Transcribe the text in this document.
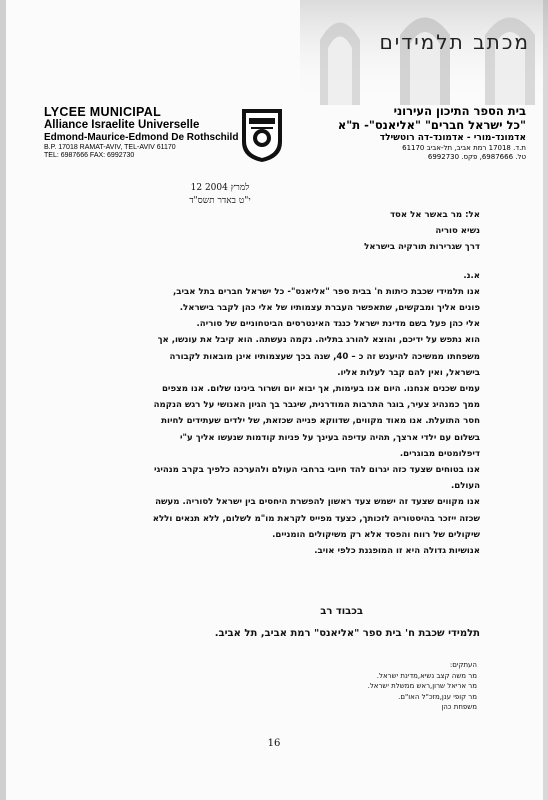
מכתב תלמידים
LYCEE MUNICIPAL
Alliance Israelite Universelle
Edmond-Maurice-Edmond De Rothschild
B.P. 17018 RAMAT-AVIV, TEL-AVIV 61170
TEL: 6987666 FAX: 6992730
בית הספר התיכון העירוני
"כל ישראל חברים" "אליאנס"- ת"א
אדמונד-מורי - אדמונד-דה רוטשילד
ת.ד. 17018 רמת אביב, תל-אביב 61170
טל. 6987666, פקס. 6992730
12 למרץ 2004
י"ט באדר תשס"ד
אל: מר באשר אל אסד
נשיא סוריה
דרך שגרירות תורקיה בישראל
א.נ.
אנו תלמידי שכבת כיתות ח' בבית ספר "אליאנס"- כל ישראל חברים בתל אביב,
פונים אליך ומבקשים, שתאפשר העברת עצמותיו של אלי כהן לקבר בישראל.
אלי כהן פעל בשם מדינת ישראל כנגד האינטרסים הביטחוניים של סוריה.
הוא נתפש על ידיכם, והוצא להורג בתליה. נקמה נעשתה. הוא קיבל את עונשו, אך
משפחתו ממשיכה להיענש זה כ – 40, שנה בכך שעצמותיו אינן מובאות לקבורה
בישראל, ואין להם קבר לעלות אליו.
עמים שכנים אנחנו. היום אנו בעימות, אך יבוא יום ושרור בינינו שלום. אנו מצפים
ממך כמנהיג צעיר, בוגר התרבות המודרנית, שיגבר בך הגיון האנושי על רגש הנקמה
חסר התועלת. אנו מאוד מקווים, שדווקא פנייה שכזאת, של ילדים שעתידים לחיות
בשלום עם ילדי ארצך, תהיה עדיפה בעינך על פניות קודמות שנעשו אליך ע"י
דיפלומטים מבוגרים.
אנו בטוחים שצעד כזה יגרום להד חיובי ברחבי העולם ולהערכה כלפיך בקרב מנהיגי
העולם.
אנו מקווים שצעד זה ישמש צעד ראשון להפשרת היחסים בין ישראל לסוריה. מעשה
שכזה ייזכר בהיסטוריה לזכותך, כצעד מפייס לקראת מו"מ לשלום, ללא תנאים וללא
שיקולים של רווח והפסד אלא רק משיקולים הומניים.
אנושיות גדולה היא זו המופגנת כלפי אויב.
בכבוד רב
תלמידי שכבת ח' בית ספר "אליאנס" רמת אביב, תל אביב.
העתקים:
מר משה קצב נשיא,מדינת ישראל.
מר אריאל שרון,ראש ממשלת ישראל.
מר קופי ענן,מזכ"ל האו"ם.
משפחת כהן
16
